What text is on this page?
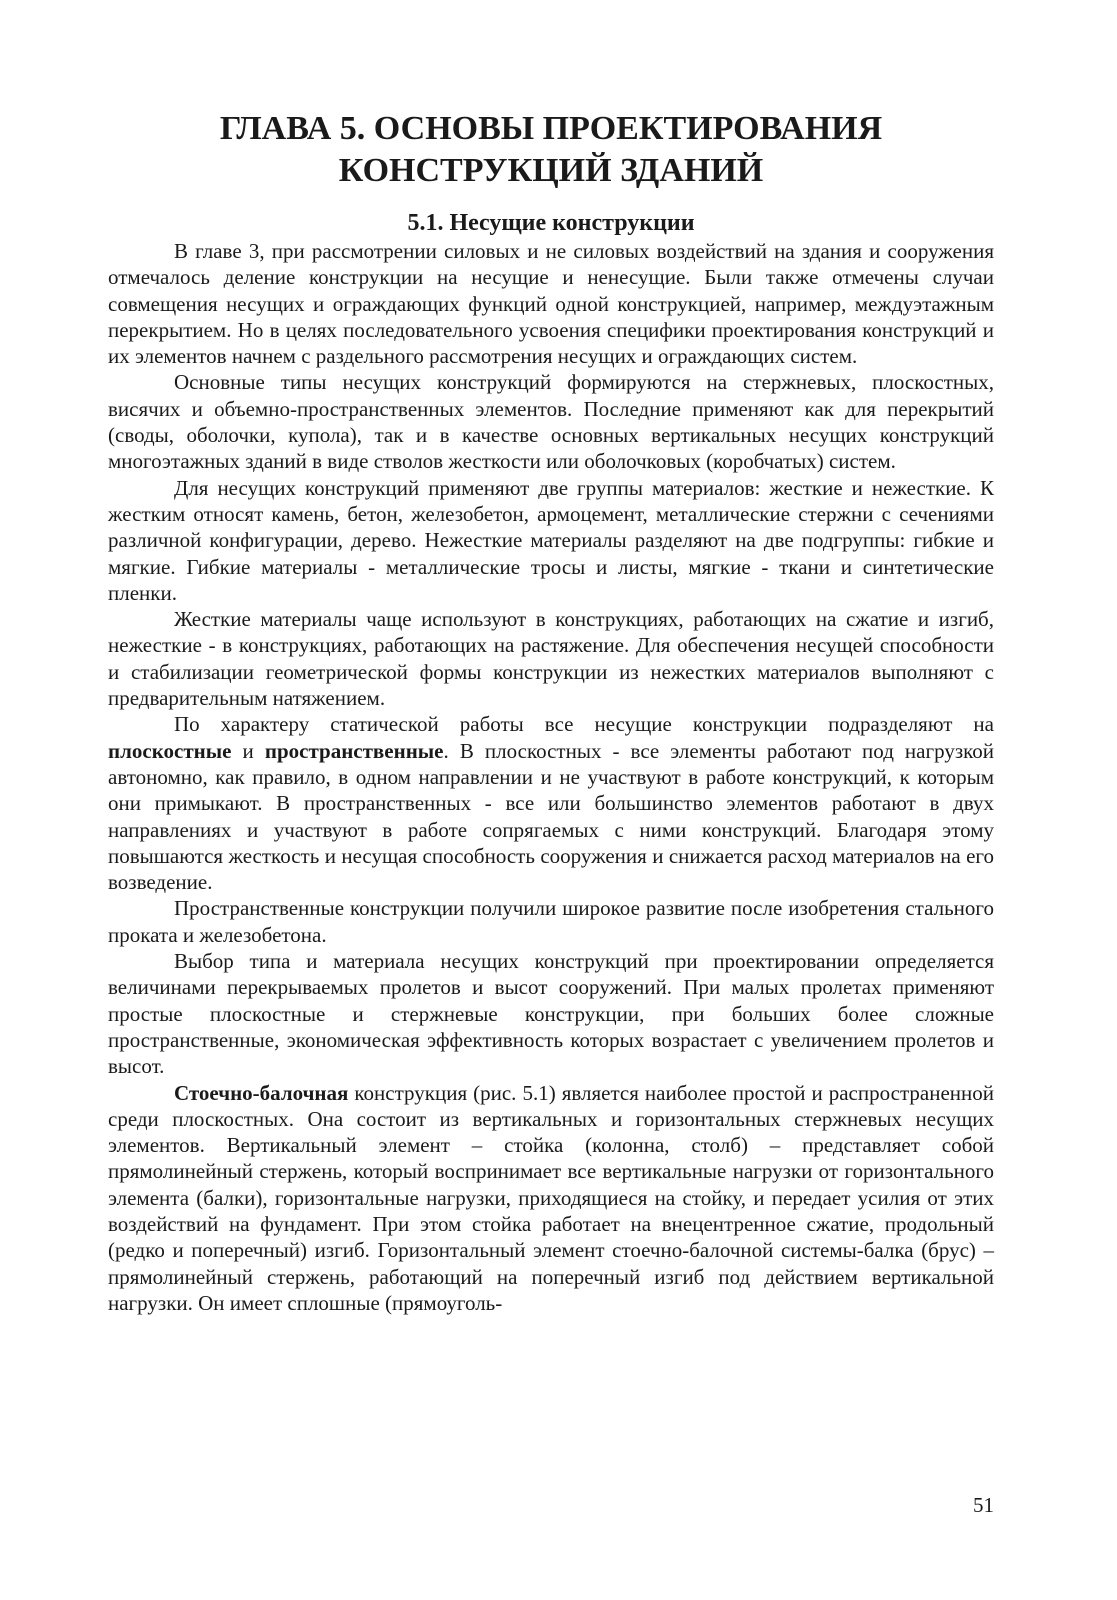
ГЛАВА 5. ОСНОВЫ ПРОЕКТИРОВАНИЯ КОНСТРУКЦИЙ ЗДАНИЙ
5.1. Несущие конструкции

В главе 3, при рассмотрении силовых и не силовых воздействий на здания и сооружения отмечалось деление конструкции на несущие и ненесущие. Были также отмечены случаи совмещения несущих и ограждающих функций одной конструкцией, например, междуэтажным перекрытием. Но в целях последовательного усвоения специфики проектирования конструкций и их элементов начнем с раздельного рассмотрения несущих и ограждающих систем.

Основные типы несущих конструкций формируются на стержневых, плоскостных, висячих и объемно-пространственных элементов. Последние применяют как для перекрытий (своды, оболочки, купола), так и в качестве основных вертикальных несущих конструкций многоэтажных зданий в виде стволов жесткости или оболочковых (коробчатых) систем.

Для несущих конструкций применяют две группы материалов: жесткие и нежесткие. К жестким относят камень, бетон, железобетон, армоцемент, металлические стержни с сечениями различной конфигурации, дерево. Нежесткие материалы разделяют на две подгруппы: гибкие и мягкие. Гибкие материалы - металлические тросы и листы, мягкие - ткани и синтетические пленки.

Жесткие материалы чаще используют в конструкциях, работающих на сжатие и изгиб, нежесткие - в конструкциях, работающих на растяжение. Для обеспечения несущей способности и стабилизации геометрической формы конструкции из нежестких материалов выполняют с предварительным натяжением.

По характеру статической работы все несущие конструкции подразделяют на плоскостные и пространственные. В плоскостных - все элементы работают под нагрузкой автономно, как правило, в одном направлении и не участвуют в работе конструкций, к которым они примыкают. В пространственных - все или большинство элементов работают в двух направлениях и участвуют в работе сопрягаемых с ними конструкций. Благодаря этому повышаются жесткость и несущая способность сооружения и снижается расход материалов на его возведение.

Пространственные конструкции получили широкое развитие после изобретения стального проката и железобетона.

Выбор типа и материала несущих конструкций при проектировании определяется величинами перекрываемых пролетов и высот сооружений. При малых пролетах применяют простые плоскостные и стержневые конструкции, при больших более сложные пространственные, экономическая эффективность которых возрастает с увеличением пролетов и высот.

Стоечно-балочная конструкция (рис. 5.1) является наиболее простой и распространенной среди плоскостных. Она состоит из вертикальных и горизонтальных стержневых несущих элементов. Вертикальный элемент – стойка (колонна, столб) – представляет собой прямолинейный стержень, который воспринимает все вертикальные нагрузки от горизонтального элемента (балки), горизонтальные нагрузки, приходящиеся на стойку, и передает усилия от этих воздействий на фундамент. При этом стойка работает на внецентренное сжатие, продольный (редко и поперечный) изгиб. Горизонтальный элемент стоечно-балочной системы-балка (брус) – прямолинейный стержень, работающий на поперечный изгиб под действием вертикальной нагрузки. Он имеет сплошные (прямоуголь-

51
